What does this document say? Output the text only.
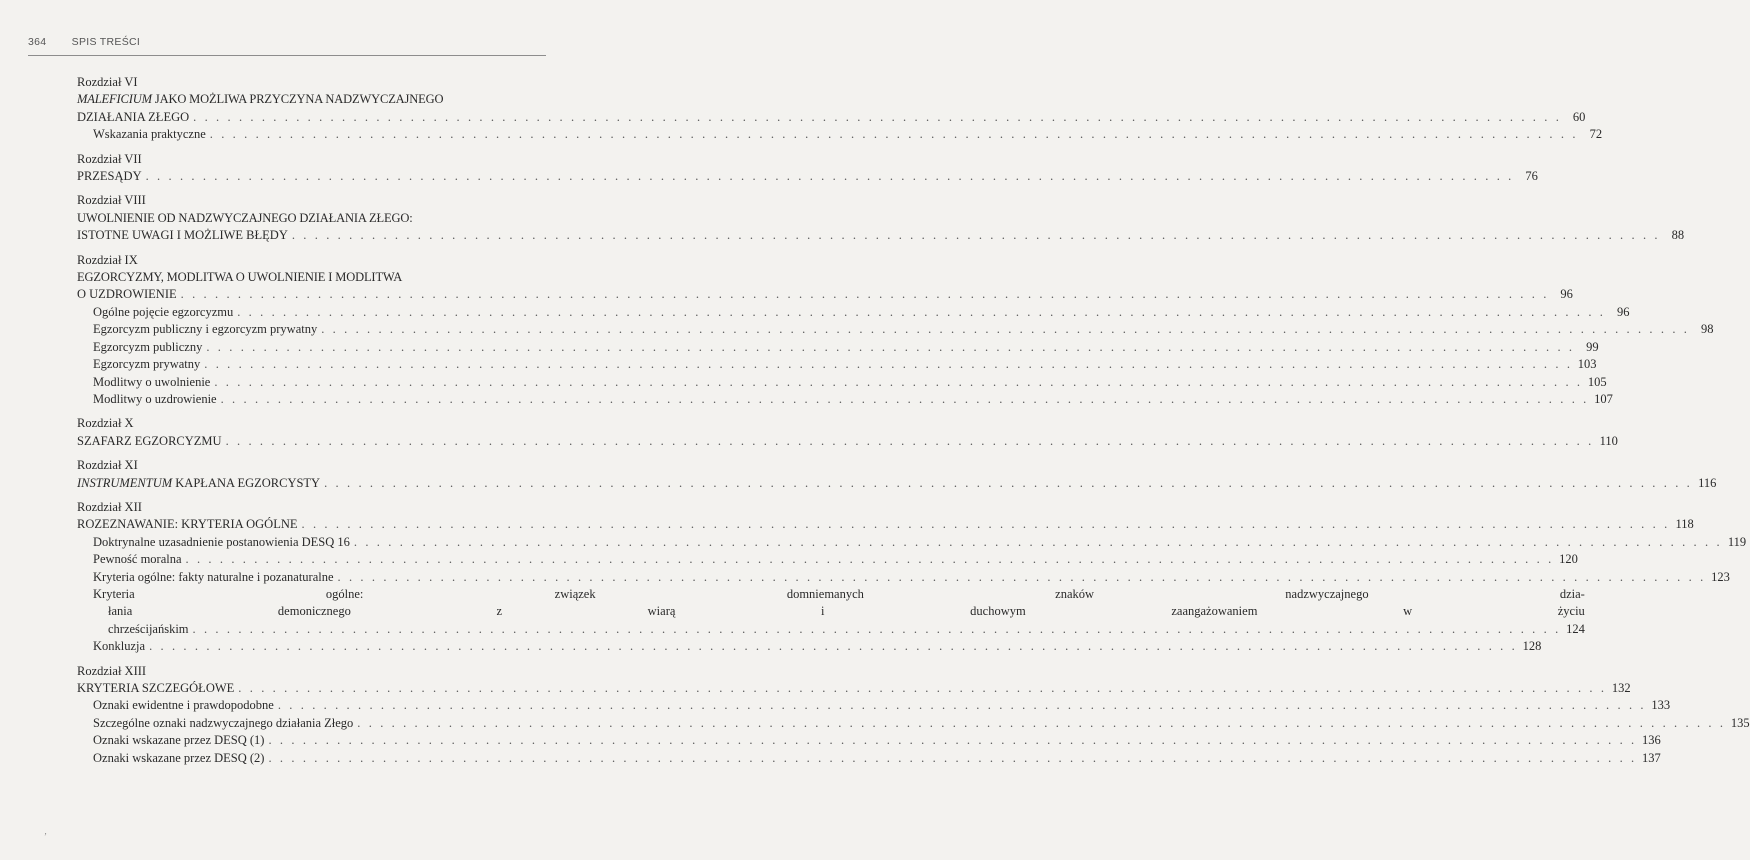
364 SPIS TREŚCI
Rozdział VI
MALEFICIUM JAKO MOŻLIWA PRZYCZYNA NADZWYCZAJNEGO
DZIAŁANIA ZŁEGO . . . . . . . . . . . . . . . . . . . . . . . . . . . . . . . . . . . . . . . . . . . . . . . . . . . . . . . . . . . . . . . . . . . . . . . . . . . . . . . . . . . . . . . . . . . . . . . . . . . . . . . . . . . . . . . . . . . . . . . . 60
Wskazania praktyczne . . . . . . . . . . . . . . . . . . . . . . . . . . . . . . . . . . . . . . . . . . . . . . . . . . . . . . . . . . . . . . . . . . . . . . . . . . . . . . . . . . . . . . . . . . . . . . . . . . . . . . . . . . . . . . . . . . . . . . . . 72
Rozdział VII
PRZESĄDY . . . . . . . . . . . . . . . . . . . . . . . . . . . . . . . . . . . . . . . . . . . . . . . . . . . . . . . . . . . . . . . . . . . . . . . . . . . . . . . . . . . . . . . . . . . . . . . . . . . . . . . . . . . . . . . . . . . . . . . . 76
Rozdział VIII
UWOLNIENIE OD NADZWYCZAJNEGO DZIAŁANIA ZŁEGO:
ISTOTNE UWAGI I MOŻLIWE BŁĘDY . . . . . . . . . . . . . . . . . . . . . . . . . . . . . . . . . . . . . . . . . . . . . . . . . . . . . . . . . . . . . . . . . . . . . . . . . . . . . . . . . . . . . . . . . . . . . . . . . . . . . . . . . . . . . . . . . . . . . . . . 88
Rozdział IX
EGZORCYZMY, MODLITWA O UWOLNIENIE I MODLITWA
O UZDROWIENIE . . . . . . . . . . . . . . . . . . . . . . . . . . . . . . . . . . . . . . . . . . . . . . . . . . . . . . . . . . . . . . . . . . . . . . . . . . . . . . . . . . . . . . . . . . . . . . . . . . . . . . . . . . . . . . . . . . . . . . . . 96
Ogólne pojęcie egzorcyzmu . . . . . . . . . . . . . . . . . . . . . . . . . . . . . . . . . . . . . . . . . . . . . . . . . . . . . . . . . . . . . . . . . . . . . . . . . . . . . . . . . . . . . . . . . . . . . . . . . . . . . . . . . . . . . . . . . . . . . . . . 96
Egzorcyzm publiczny i egzorcyzm prywatny . . . . . . . . . . . . . . . . . . . . . . . . . . . . . . . . . . . . . . . . . . . . . . . . . . . . . . . . . . . . . . . . . . . . . . . . . . . . . . . . . . . . . . . . . . . . . . . . . . . . . . . . . . . . . . . . . . . . . . . . 98
Egzorcyzm publiczny . . . . . . . . . . . . . . . . . . . . . . . . . . . . . . . . . . . . . . . . . . . . . . . . . . . . . . . . . . . . . . . . . . . . . . . . . . . . . . . . . . . . . . . . . . . . . . . . . . . . . . . . . . . . . . . . . . . . . . . . 99
Egzorcyzm prywatny . . . . . . . . . . . . . . . . . . . . . . . . . . . . . . . . . . . . . . . . . . . . . . . . . . . . . . . . . . . . . . . . . . . . . . . . . . . . . . . . . . . . . . . . . . . . . . . . . . . . . . . . . . . . . . . . . . . . . . . . 103
Modlitwy o uwolnienie . . . . . . . . . . . . . . . . . . . . . . . . . . . . . . . . . . . . . . . . . . . . . . . . . . . . . . . . . . . . . . . . . . . . . . . . . . . . . . . . . . . . . . . . . . . . . . . . . . . . . . . . . . . . . . . . . . . . . . . . 105
Modlitwy o uzdrowienie . . . . . . . . . . . . . . . . . . . . . . . . . . . . . . . . . . . . . . . . . . . . . . . . . . . . . . . . . . . . . . . . . . . . . . . . . . . . . . . . . . . . . . . . . . . . . . . . . . . . . . . . . . . . . . . . . . . . . . . . 107
Rozdział X
SZAFARZ EGZORCYZMU . . . . . . . . . . . . . . . . . . . . . . . . . . . . . . . . . . . . . . . . . . . . . . . . . . . . . . . . . . . . . . . . . . . . . . . . . . . . . . . . . . . . . . . . . . . . . . . . . . . . . . . . . . . . . . . . . . . . . . . . 110
Rozdział XI
INSTRUMENTUM KAPŁANA EGZORCYSTY . . . . . . . . . . . . . . . . . . . . . . . . . . . . . . . . . . . . . . . . . . . . . . . . . . . . . . . . . . . . . . . . . . . . . . . . . . . . . . . . . . . . . . . . . . . . . . . . . . . . . . . . . . . . . . . . . . . . . . . . 116
Rozdział XII
ROZEZNAWANIE: KRYTERIA OGÓLNE . . . . . . . . . . . . . . . . . . . . . . . . . . . . . . . . . . . . . . . . . . . . . . . . . . . . . . . . . . . . . . . . . . . . . . . . . . . . . . . . . . . . . . . . . . . . . . . . . . . . . . . . . . . . . . . . . . . . . . . . 118
Doktrynalne uzasadnienie postanowienia DESQ 16 . . . . . . . . . . . . . . . . . . . . . . . . . . . . . . . . . . . . . . . . . . . . . . . . . . . . . . . . . . . . . . . . . . . . . . . . . . . . . . . . . . . . . . . . . . . . . . . . . . . . . . . . . . . . . . . . . . . . . . . . 119
Pewność moralna . . . . . . . . . . . . . . . . . . . . . . . . . . . . . . . . . . . . . . . . . . . . . . . . . . . . . . . . . . . . . . . . . . . . . . . . . . . . . . . . . . . . . . . . . . . . . . . . . . . . . . . . . . . . . . . . . . . . . . . . 120
Kryteria ogólne: fakty naturalne i pozanaturalne . . . . . . . . . . . . . . . . . . . . . . . . . . . . . . . . . . . . . . . . . . . . . . . . . . . . . . . . . . . . . . . . . . . . . . . . . . . . . . . . . . . . . . . . . . . . . . . . . . . . . . . . . . . . . . . . . . . . . . . . 123
Kryteria ogólne: związek domniemanych znaków nadzwyczajnego dzia-
łania demonicznego z wiarą i duchowym zaangażowaniem w życiu
chrześcijańskim . . . . . . . . . . . . . . . . . . . . . . . . . . . . . . . . . . . . . . . . . . . . . . . . . . . . . . . . . . . . . . . . . . . . . . . . . . . . . . . . . . . . . . . . . . . . . . . . . . . . . . . . . . . . . . . . . . . . . . . . 124
Konkluzja . . . . . . . . . . . . . . . . . . . . . . . . . . . . . . . . . . . . . . . . . . . . . . . . . . . . . . . . . . . . . . . . . . . . . . . . . . . . . . . . . . . . . . . . . . . . . . . . . . . . . . . . . . . . . . . . . . . . . . . . 128
Rozdział XIII
KRYTERIA SZCZEGÓŁOWE . . . . . . . . . . . . . . . . . . . . . . . . . . . . . . . . . . . . . . . . . . . . . . . . . . . . . . . . . . . . . . . . . . . . . . . . . . . . . . . . . . . . . . . . . . . . . . . . . . . . . . . . . . . . . . . . . . . . . . . . 132
Oznaki ewidentne i prawdopodobne . . . . . . . . . . . . . . . . . . . . . . . . . . . . . . . . . . . . . . . . . . . . . . . . . . . . . . . . . . . . . . . . . . . . . . . . . . . . . . . . . . . . . . . . . . . . . . . . . . . . . . . . . . . . . . . . . . . . . . . . 133
Szczególne oznaki nadzwyczajnego działania Złego . . . . . . . . . . . . . . . . . . . . . . . . . . . . . . . . . . . . . . . . . . . . . . . . . . . . . . . . . . . . . . . . . . . . . . . . . . . . . . . . . . . . . . . . . . . . . . . . . . . . . . . . . . . . . . . . . . . . . . . . 135
Oznaki wskazane przez DESQ (1) . . . . . . . . . . . . . . . . . . . . . . . . . . . . . . . . . . . . . . . . . . . . . . . . . . . . . . . . . . . . . . . . . . . . . . . . . . . . . . . . . . . . . . . . . . . . . . . . . . . . . . . . . . . . . . . . . . . . . . . . 136
Oznaki wskazane przez DESQ (2) . . . . . . . . . . . . . . . . . . . . . . . . . . . . . . . . . . . . . . . . . . . . . . . . . . . . . . . . . . . . . . . . . . . . . . . . . . . . . . . . . . . . . . . . . . . . . . . . . . . . . . . . . . . . . . . . . . . . . . . . 137
‚
